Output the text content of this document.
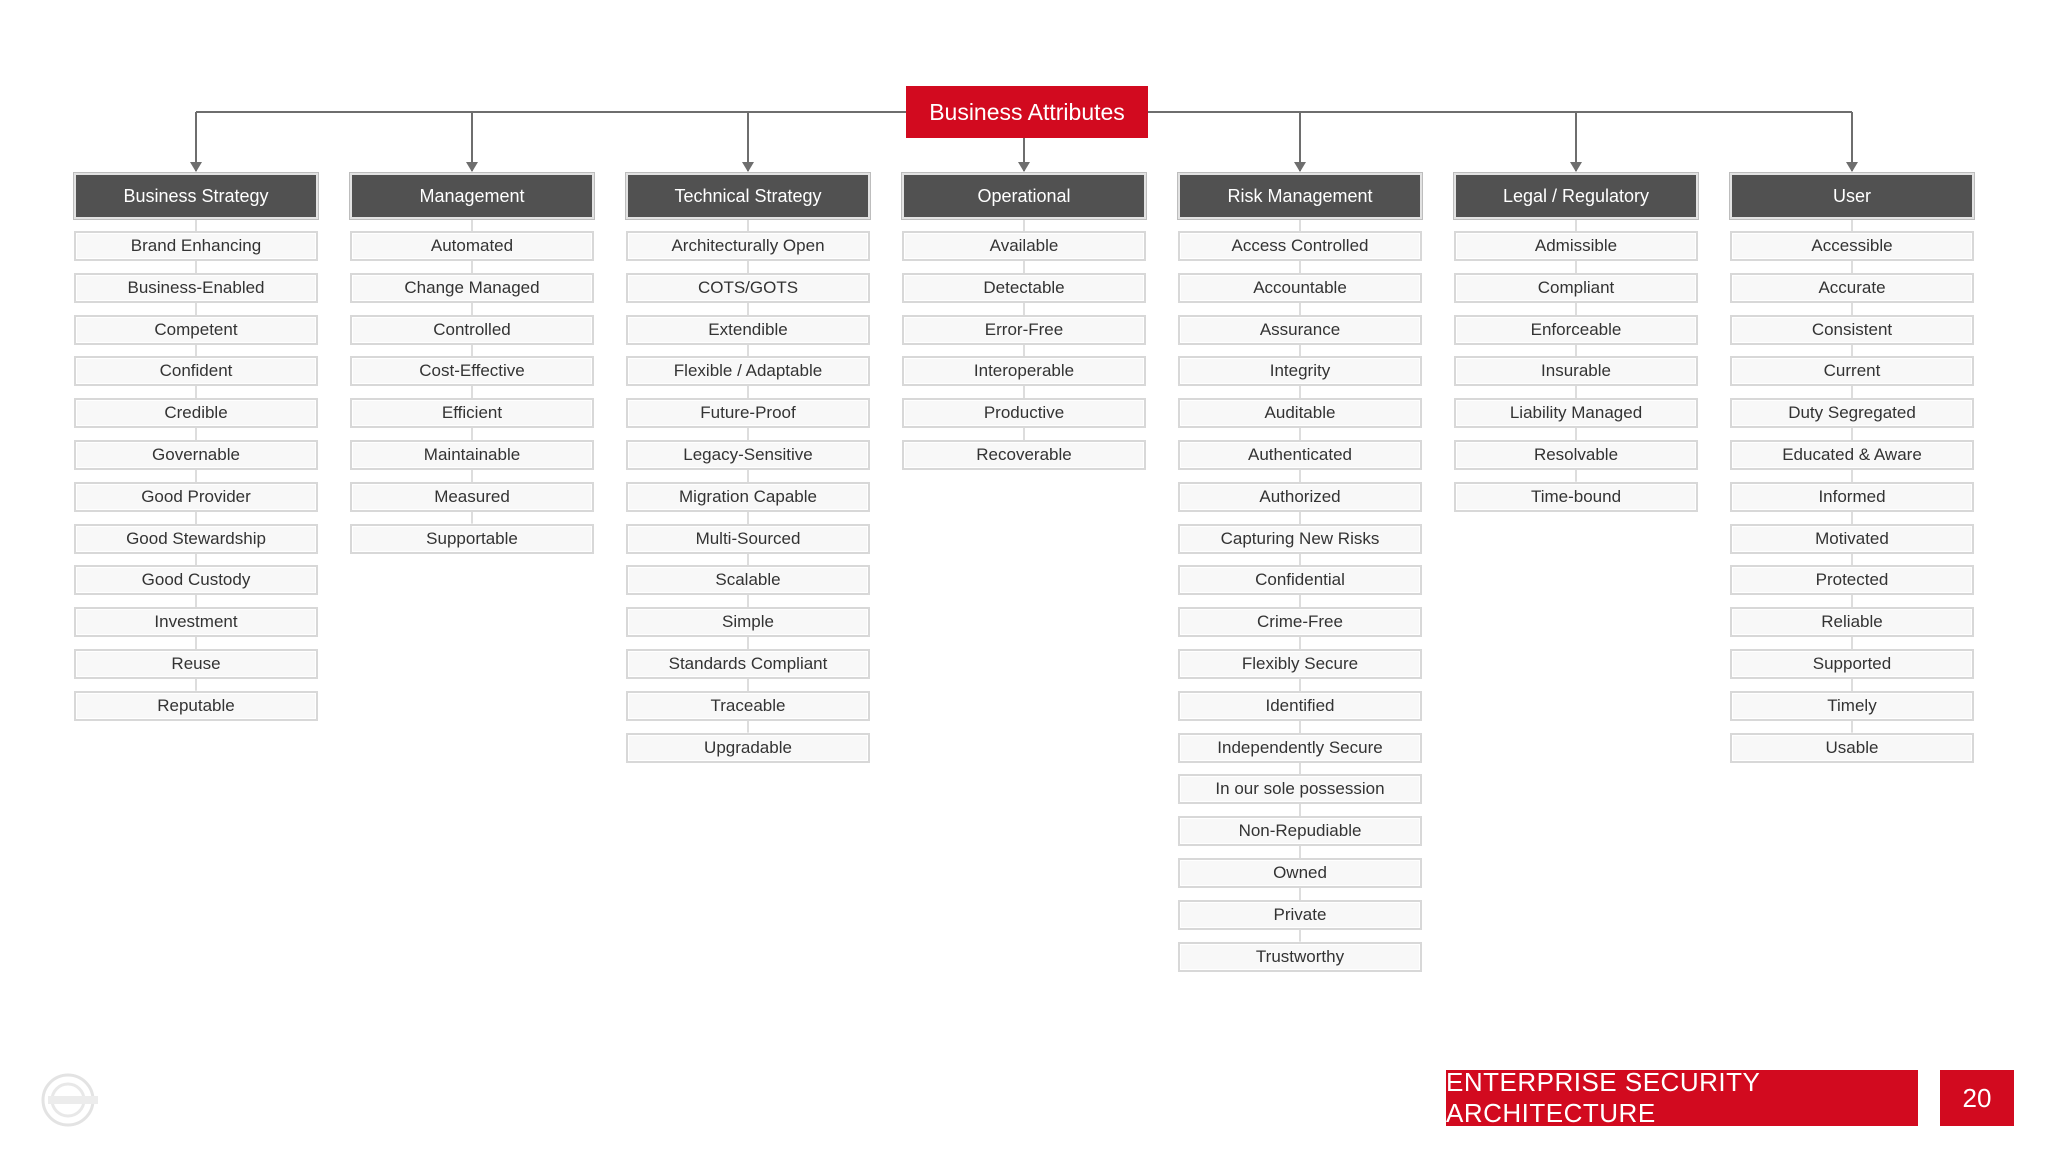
Business Attributes
Business Strategy
Brand Enhancing
Business-Enabled
Competent
Confident
Credible
Governable
Good Provider
Good Stewardship
Good Custody
Investment
Reuse
Reputable
Management
Automated
Change Managed
Controlled
Cost-Effective
Efficient
Maintainable
Measured
Supportable
Technical Strategy
Architecturally Open
COTS/GOTS
Extendible
Flexible / Adaptable
Future-Proof
Legacy-Sensitive
Migration Capable
Multi-Sourced
Scalable
Simple
Standards Compliant
Traceable
Upgradable
Operational
Available
Detectable
Error-Free
Interoperable
Productive
Recoverable
Risk Management
Access Controlled
Accountable
Assurance
Integrity
Auditable
Authenticated
Authorized
Capturing New Risks
Confidential
Crime-Free
Flexibly Secure
Identified
Independently Secure
In our sole possession
Non-Repudiable
Owned
Private
Trustworthy
Legal / Regulatory
Admissible
Compliant
Enforceable
Insurable
Liability Managed
Resolvable
Time-bound
User
Accessible
Accurate
Consistent
Current
Duty Segregated
Educated & Aware
Informed
Motivated
Protected
Reliable
Supported
Timely
Usable
ENTERPRISE SECURITY ARCHITECTURE
20
